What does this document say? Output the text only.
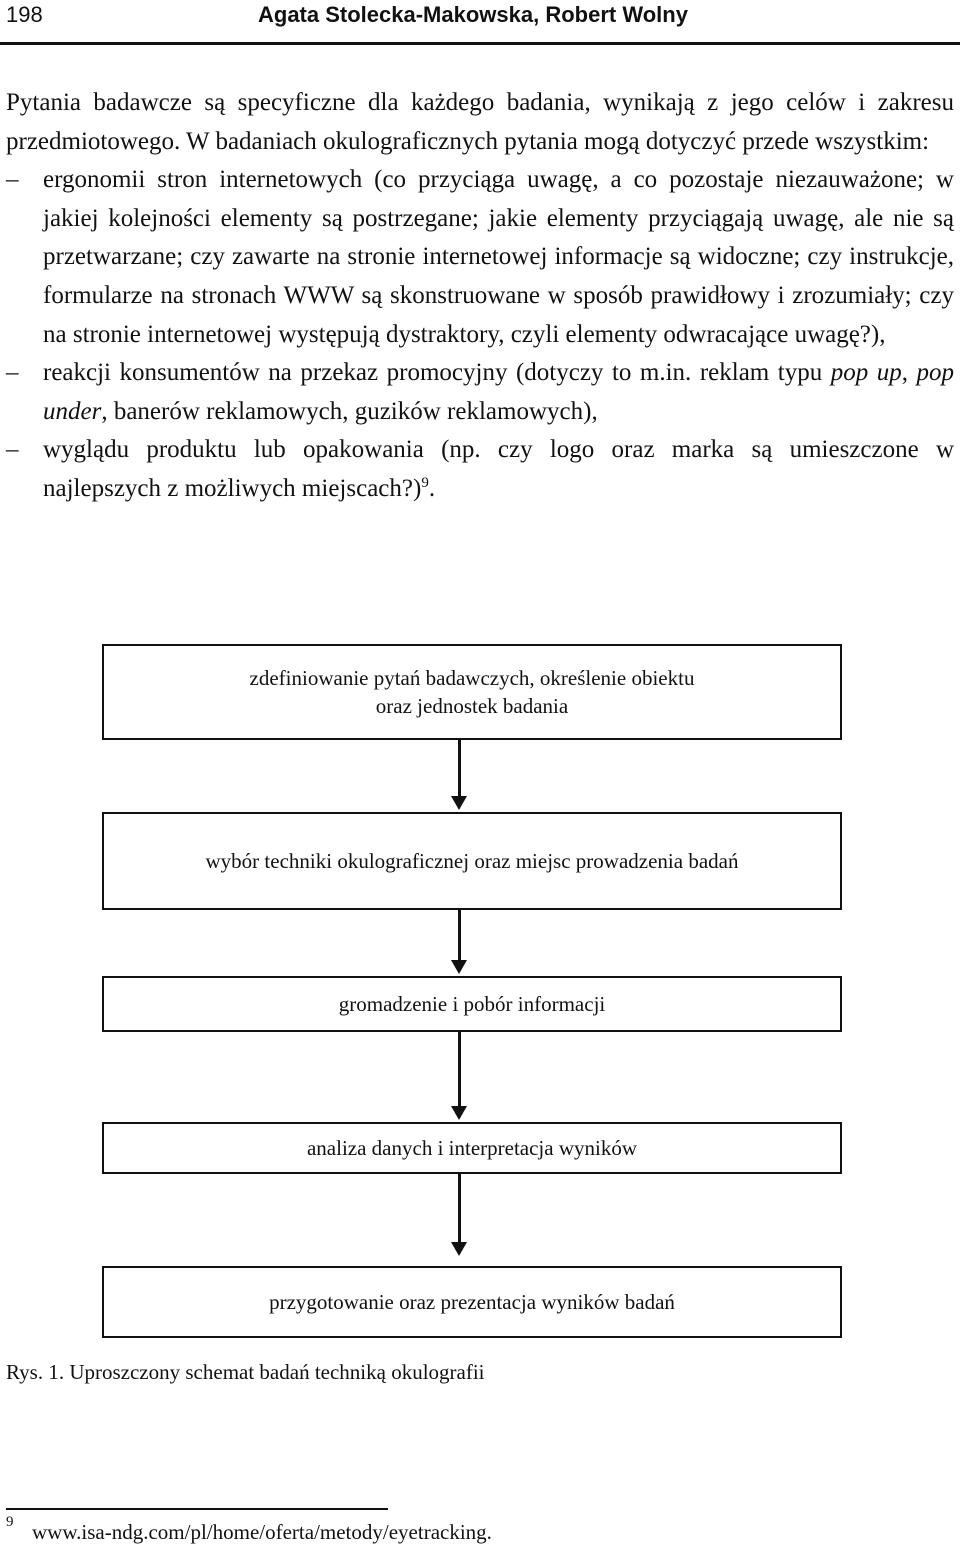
198	Agata Stolecka-Makowska, Robert Wolny

Pytania badawcze są specyficzne dla każdego badania, wynikają z jego celów i zakresu przedmiotowego. W badaniach okulograficznych pytania mogą dotyczyć przede wszystkim:

– ergonomii stron internetowych (co przyciąga uwagę, a co pozostaje niezauważone; w jakiej kolejności elementy są postrzegane; jakie elementy przyciągają uwagę, ale nie są przetwarzane; czy zawarte na stronie internetowej informacje są widoczne; czy instrukcje, formularze na stronach WWW są skonstruowane w sposób prawidłowy i zrozumiały; czy na stronie internetowej występują dystraktory, czyli elementy odwracające uwagę?),
– reakcji konsumentów na przekaz promocyjny (dotyczy to m.in. reklam typu pop up, pop under, banerów reklamowych, guzików reklamowych),
– wyglądu produktu lub opakowania (np. czy logo oraz marka są umieszczone w najlepszych z możliwych miejscach?)$^9$.
zdefiniowanie pytań badawczych, określenie obiektu
oraz jednostek badania
wybór techniki okulograficznej oraz miejsc prowadzenia badań
gromadzenie i pobór informacji
analiza danych i interpretacja wyników
przygotowanie oraz prezentacja wyników badań
Rys. 1. Uproszczony schemat badań techniką okulografii
9 www.isa-ndg.com/pl/home/oferta/metody/eyetracking.
